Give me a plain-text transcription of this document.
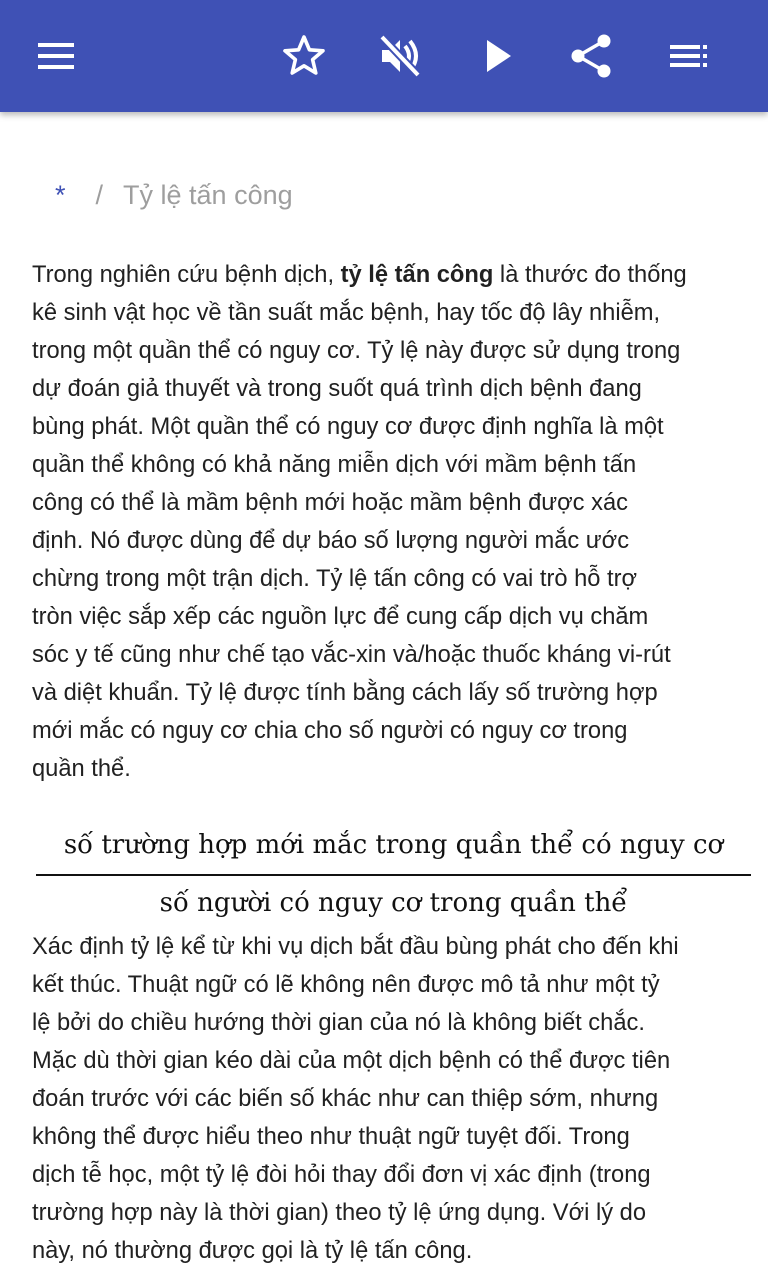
* / Tỷ lệ tấn công
Trong nghiên cứu bệnh dịch, tỷ lệ tấn công là thước đo thống
kê sinh vật học về tần suất mắc bệnh, hay tốc độ lây nhiễm,
trong một quần thể có nguy cơ. Tỷ lệ này được sử dụng trong
dự đoán giả thuyết và trong suốt quá trình dịch bệnh đang
bùng phát. Một quần thể có nguy cơ được định nghĩa là một
quần thể không có khả năng miễn dịch với mầm bệnh tấn
công có thể là mầm bệnh mới hoặc mầm bệnh được xác
định. Nó được dùng để dự báo số lượng người mắc ước
chừng trong một trận dịch. Tỷ lệ tấn công có vai trò hỗ trợ
tròn việc sắp xếp các nguồn lực để cung cấp dịch vụ chăm
sóc y tế cũng như chế tạo vắc-xin và/hoặc thuốc kháng vi-rút
và diệt khuẩn. Tỷ lệ được tính bằng cách lấy số trường hợp
mới mắc có nguy cơ chia cho số người có nguy cơ trong
quần thể.
số trường hợp mới mắc trong quần thể có nguy cơ
số người có nguy cơ trong quần thể
Xác định tỷ lệ kể từ khi vụ dịch bắt đầu bùng phát cho đến khi
kết thúc. Thuật ngữ có lẽ không nên được mô tả như một tỷ
lệ bởi do chiều hướng thời gian của nó là không biết chắc.
Mặc dù thời gian kéo dài của một dịch bệnh có thể được tiên
đoán trước với các biến số khác như can thiệp sớm, nhưng
không thể được hiểu theo như thuật ngữ tuyệt đối. Trong
dịch tễ học, một tỷ lệ đòi hỏi thay đổi đơn vị xác định (trong
trường hợp này là thời gian) theo tỷ lệ ứng dụng. Với lý do
này, nó thường được gọi là tỷ lệ tấn công.
